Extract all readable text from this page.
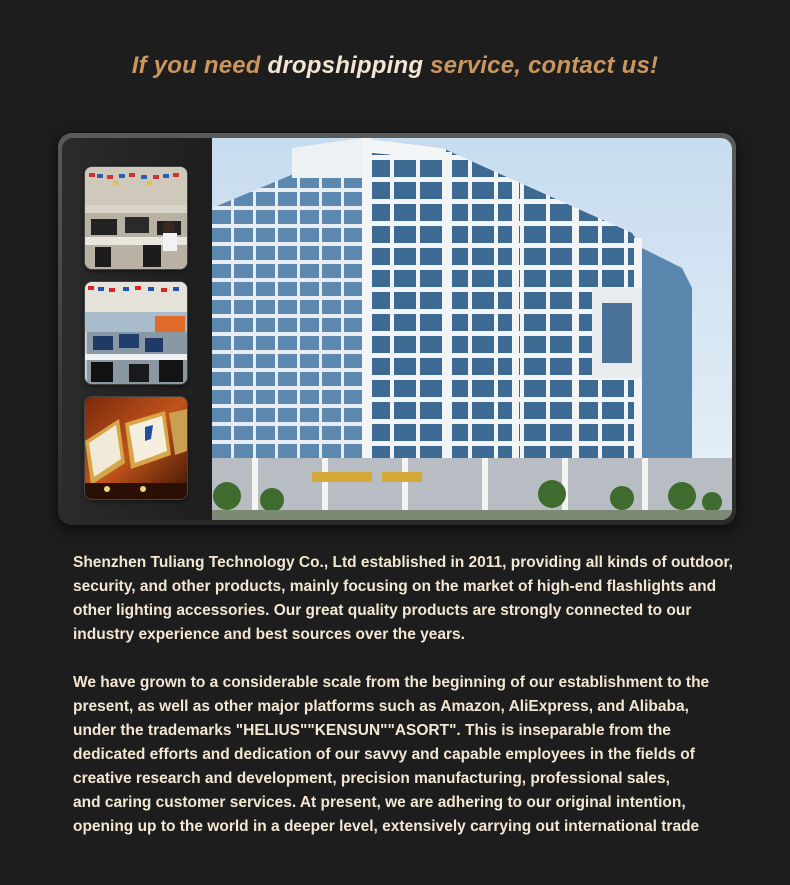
If you need dropshipping service, contact us!

Shenzhen Tuliang Technology Co., Ltd established in 2011, providing all kinds of outdoor,
security, and other products, mainly focusing on the market of high-end flashlights and
other lighting accessories. Our great quality products are strongly connected to our
industry experience and best sources over the years.

We have grown to a considerable scale from the beginning of our establishment to the
present, as well as other major platforms such as Amazon, AliExpress, and Alibaba,
under the trademarks "HELIUS""KENSUN""ASORT". This is inseparable from the
dedicated efforts and dedication of our savvy and capable employees in the fields of
creative research and development, precision manufacturing, professional sales,
and caring customer services. At present, we are adhering to our original intention,
opening up to the world in a deeper level, extensively carrying out international trade
